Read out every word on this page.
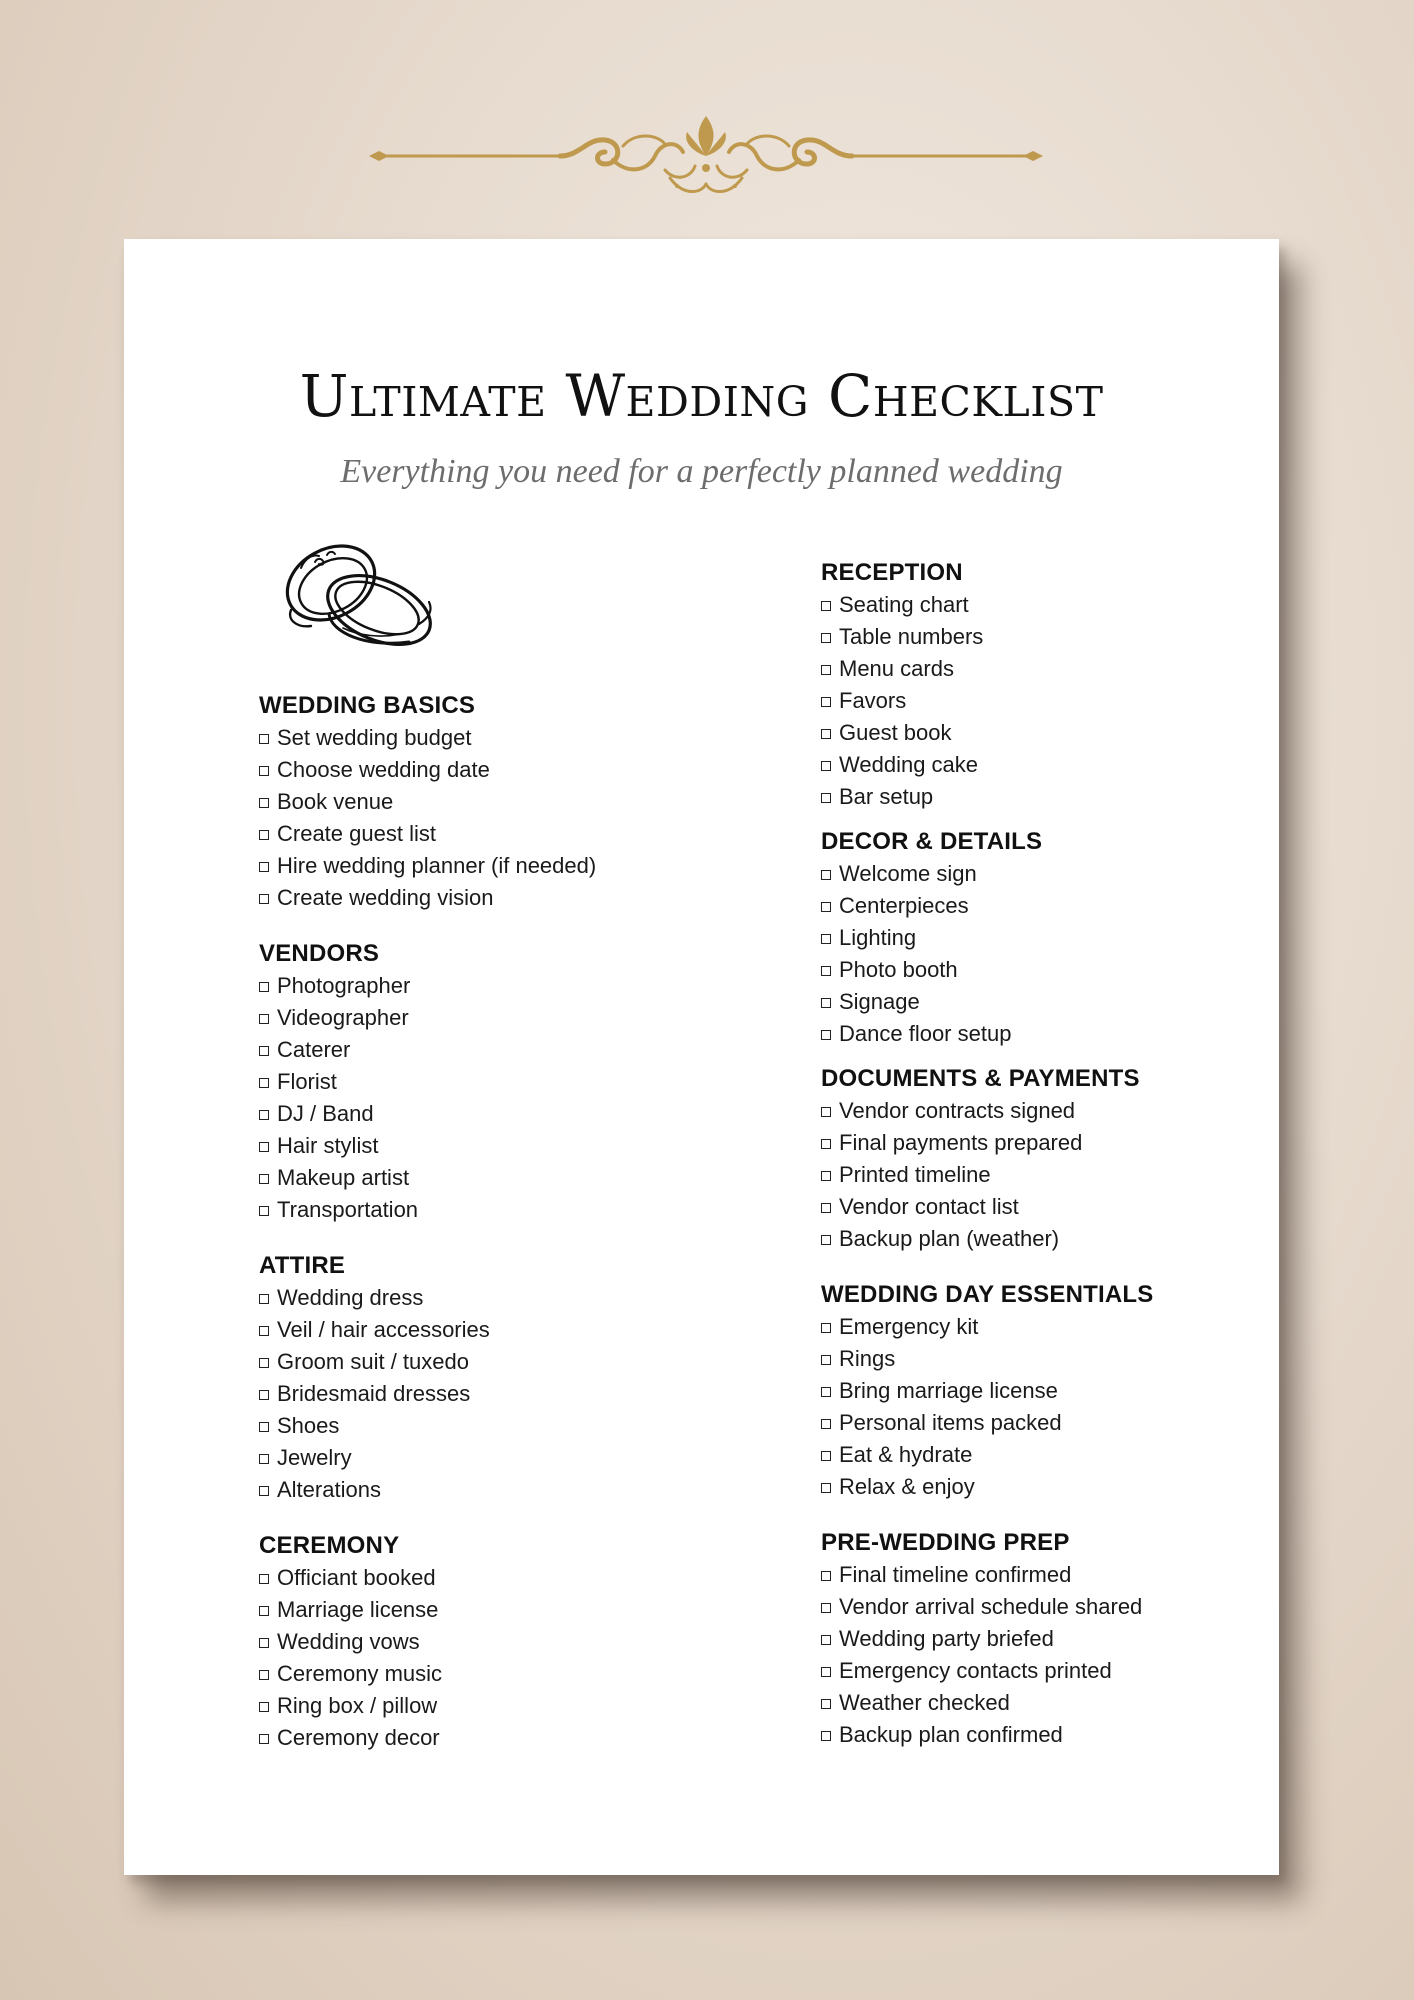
Ultimate Wedding Checklist

Everything you need for a perfectly planned wedding

WEDDING BASICS
Set wedding budget
Choose wedding date
Book venue
Create guest list
Hire wedding planner (if needed)
Create wedding vision
VENDORS
Photographer
Videographer
Caterer
Florist
DJ / Band
Hair stylist
Makeup artist
Transportation
ATTIRE
Wedding dress
Veil / hair accessories
Groom suit / tuxedo
Bridesmaid dresses
Shoes
Jewelry
Alterations
CEREMONY
Officiant booked
Marriage license
Wedding vows
Ceremony music
Ring box / pillow
Ceremony decor
RECEPTION
Seating chart
Table numbers
Menu cards
Favors
Guest book
Wedding cake
Bar setup
DECOR & DETAILS
Welcome sign
Centerpieces
Lighting
Photo booth
Signage
Dance floor setup
DOCUMENTS & PAYMENTS
Vendor contracts signed
Final payments prepared
Printed timeline
Vendor contact list
Backup plan (weather)
WEDDING DAY ESSENTIALS
Emergency kit
Rings
Bring marriage license
Personal items packed
Eat & hydrate
Relax & enjoy
PRE-WEDDING PREP
Final timeline confirmed
Vendor arrival schedule shared
Wedding party briefed
Emergency contacts printed
Weather checked
Backup plan confirmed
